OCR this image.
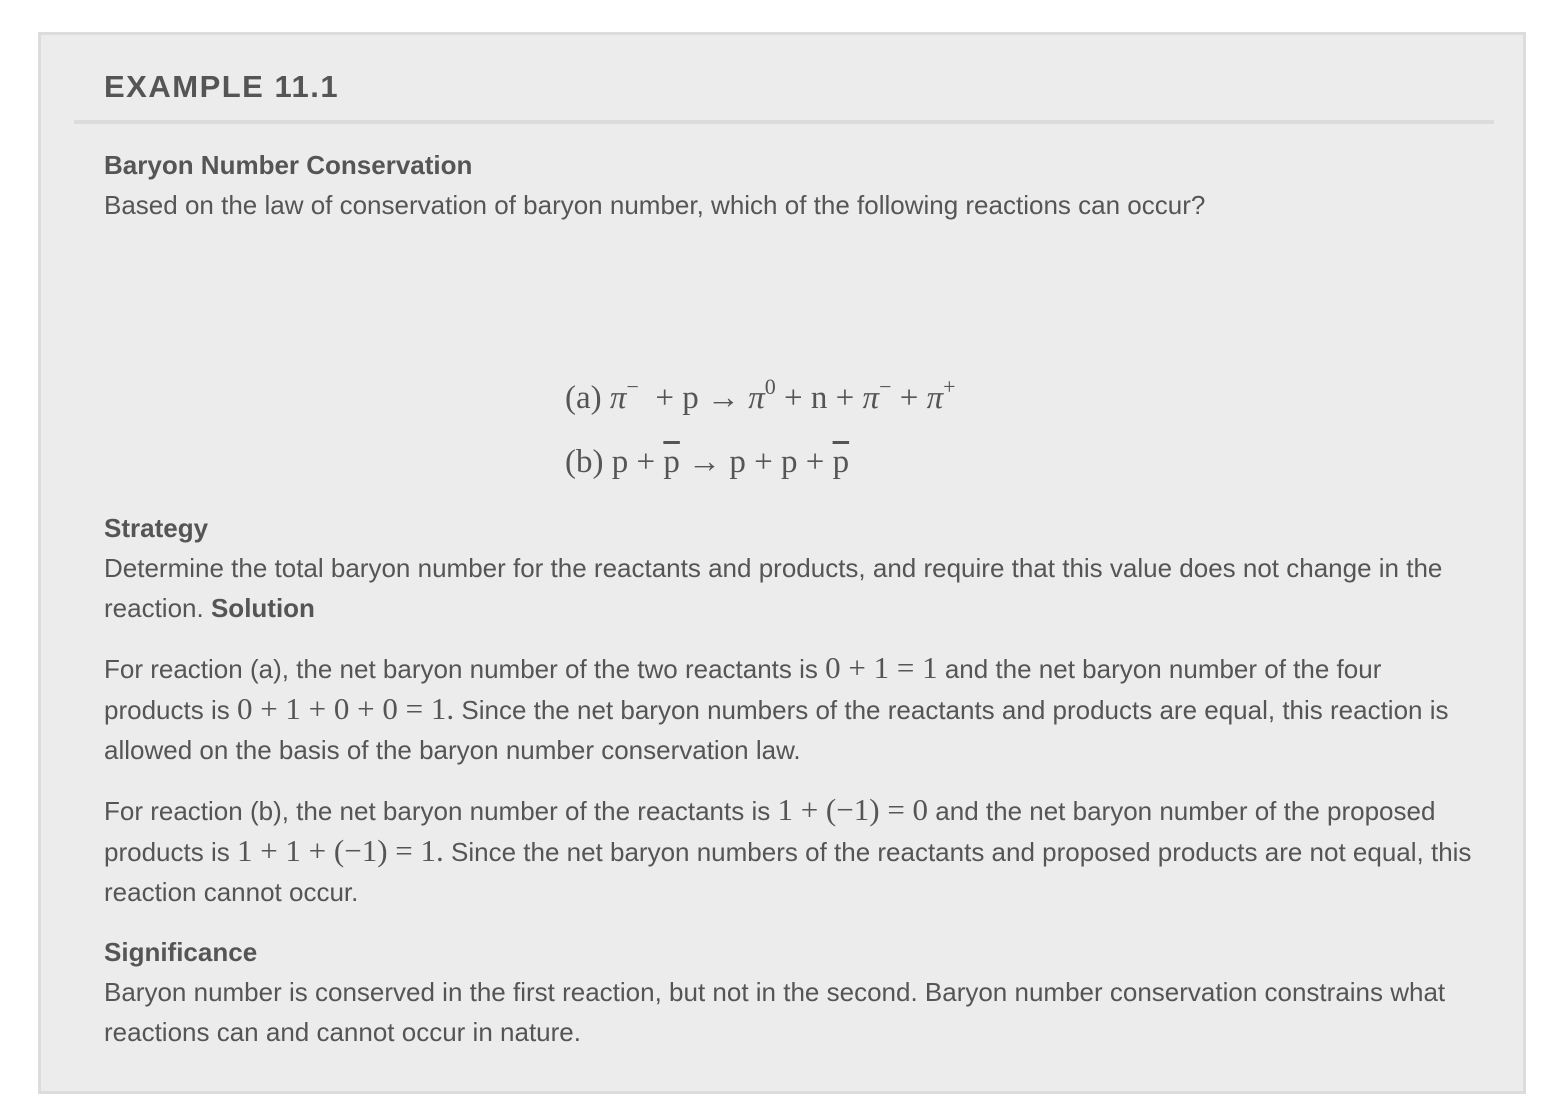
EXAMPLE 11.1
Baryon Number Conservation

Based on the law of conservation of baryon number, which of the following reactions can occur?

(a) $\pi^- + p \to \pi^0 + n + \pi^- + \pi^+$
(b) $p + \overline{p} \to p + p + \overline{p}$
Strategy

Determine the total baryon number for the reactants and products, and require that this value does not change in the reaction. Solution

For reaction (a), the net baryon number of the two reactants is 0 + 1 = 1 and the net baryon number of the four products is 0 + 1 + 0 + 0 = 1. Since the net baryon numbers of the reactants and products are equal, this reaction is allowed on the basis of the baryon number conservation law.

For reaction (b), the net baryon number of the reactants is 1 + (−1) = 0 and the net baryon number of the proposed products is 1 + 1 + (−1) = 1. Since the net baryon numbers of the reactants and proposed products are not equal, this reaction cannot occur.

Significance

Baryon number is conserved in the first reaction, but not in the second. Baryon number conservation constrains what reactions can and cannot occur in nature.
